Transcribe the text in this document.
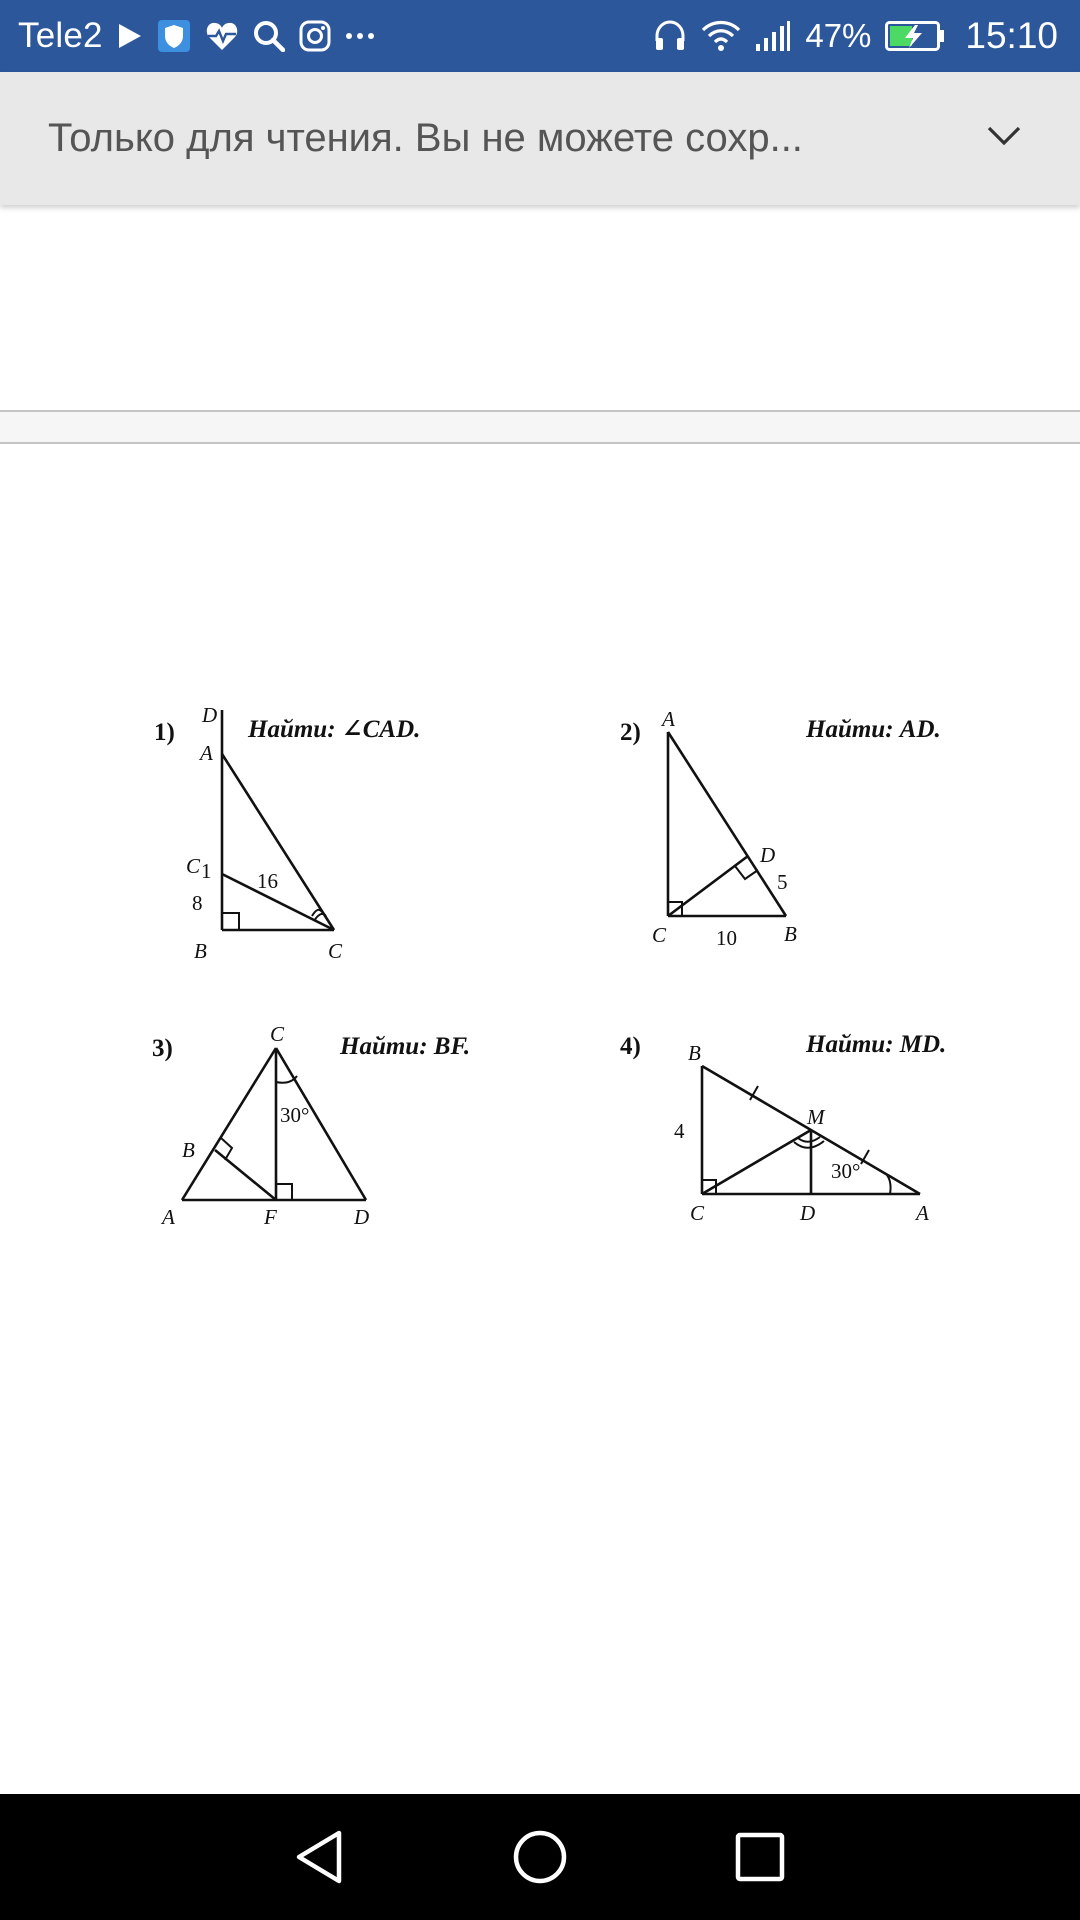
Tele2	47%	15:10
Только для чтения. Вы не можете сохр...
1)	Найти: ∠CAD.
D
A
C 1
8
16
B	C
2)	Найти: AD.
A
D
5
C 10 B
3)	Найти: BF.
C
30°
B
A	F	D
4)	Найти: MD.
B
M
4
30°
C	D	A
